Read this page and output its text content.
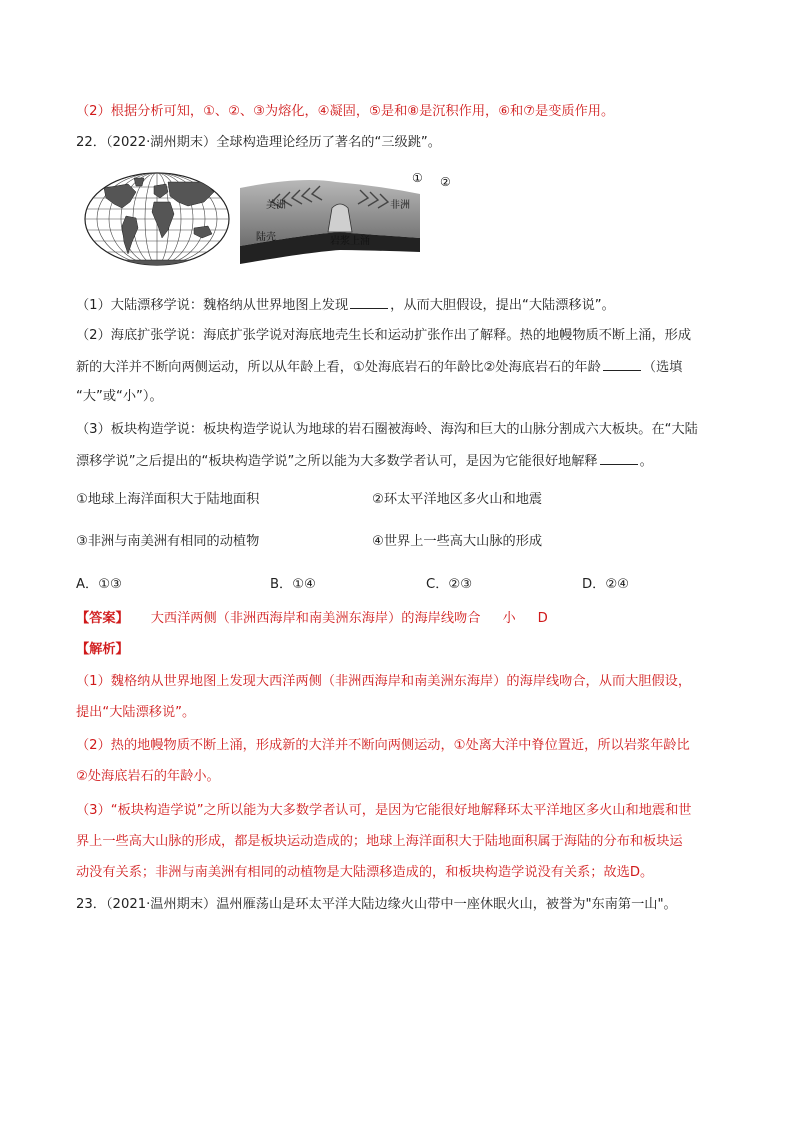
（2）根据分析可知，①、②、③为熔化，④凝固，⑤是和⑧是沉积作用，⑥和⑦是变质作用。
22．（2022·湖州期末）全球构造理论经历了著名的“三级跳”。
美洲	非洲
陆壳	岩浆上涌
① ②
（1）大陆漂移学说：魏格纳从世界地图上发现	，从而大胆假设，提出“大陆漂移说”。
（2）海底扩张学说：海底扩张学说对海底地壳生长和运动扩张作出了解释。热的地幔物质不断上涌，形成
新的大洋并不断向两侧运动，所以从年龄上看，①处海底岩石的年龄比②处海底岩石的年龄	（选填
“大”或“小”）。
（3）板块构造学说：板块构造学说认为地球的岩石圈被海岭、海沟和巨大的山脉分割成六大板块。在“大陆
漂移学说”之后提出的“板块构造学说”之所以能为大多数学者认可，是因为它能很好地解释	。
①地球上海洋面积大于陆地面积	②环太平洋地区多火山和地震
③非洲与南美洲有相同的动植物	④世界上一些高大山脉的形成
A．①③	B．①④	C．②③	D．②④
【答案】 大西洋两侧（非洲西海岸和南美洲东海岸）的海岸线吻合 小 D
【解析】
（1）魏格纳从世界地图上发现大西洋两侧（非洲西海岸和南美洲东海岸）的海岸线吻合，从而大胆假设，
提出“大陆漂移说”。
（2）热的地幔物质不断上涌，形成新的大洋并不断向两侧运动，①处离大洋中脊位置近，所以岩浆年龄比
②处海底岩石的年龄小。
（3）“板块构造学说”之所以能为大多数学者认可，是因为它能很好地解释环太平洋地区多火山和地震和世
界上一些高大山脉的形成，都是板块运动造成的；地球上海洋面积大于陆地面积属于海陆的分布和板块运
动没有关系；非洲与南美洲有相同的动植物是大陆漂移造成的，和板块构造学说没有关系；故选D。
23．（2021·温州期末）温州雁荡山是环太平洋大陆边缘火山带中一座休眠火山，被誉为"东南第一山"。
